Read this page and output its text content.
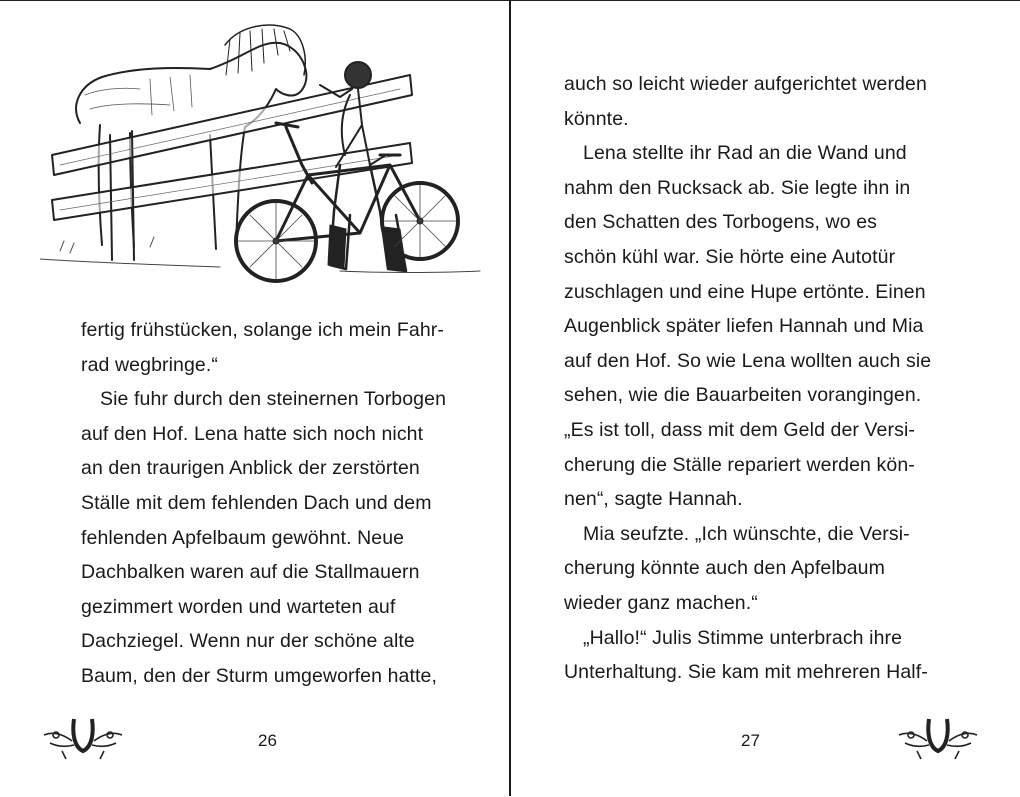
fertig frühstücken, solange ich mein Fahr-
rad wegbringe.“
Sie fuhr durch den steinernen Torbogen
auf den Hof. Lena hatte sich noch nicht
an den traurigen Anblick der zerstörten
Ställe mit dem fehlenden Dach und dem
fehlenden Apfelbaum gewöhnt. Neue
Dachbalken waren auf die Stallmauern
gezimmert worden und warteten auf
Dachziegel. Wenn nur der schöne alte
Baum, den der Sturm umgeworfen hatte,
26
auch so leicht wieder aufgerichtet werden
könnte.
Lena stellte ihr Rad an die Wand und
nahm den Rucksack ab. Sie legte ihn in
den Schatten des Torbogens, wo es
schön kühl war. Sie hörte eine Autotür
zuschlagen und eine Hupe ertönte. Einen
Augenblick später liefen Hannah und Mia
auf den Hof. So wie Lena wollten auch sie
sehen, wie die Bauarbeiten vorangingen.
„Es ist toll, dass mit dem Geld der Versi-
cherung die Ställe repariert werden kön-
nen“, sagte Hannah.
Mia seufzte. „Ich wünschte, die Versi-
cherung könnte auch den Apfelbaum
wieder ganz machen.“
„Hallo!“ Julis Stimme unterbrach ihre
Unterhaltung. Sie kam mit mehreren Half-
27
